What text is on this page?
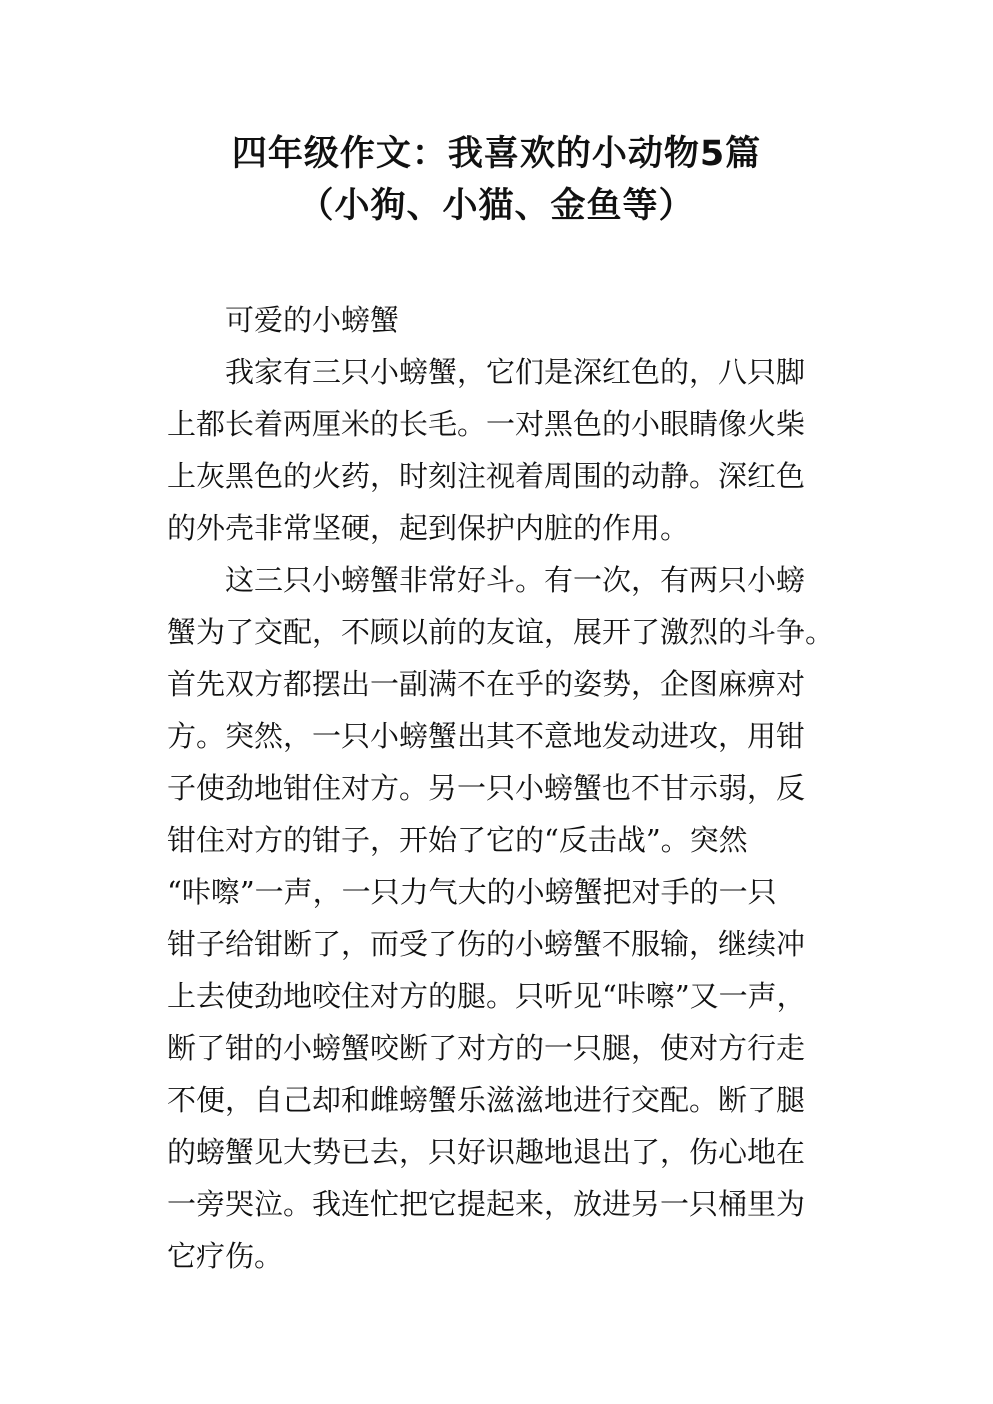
四年级作文：我喜欢的小动物5篇
（小狗、小猫、金鱼等）
可爱的小螃蟹
我家有三只小螃蟹，它们是深红色的，八只脚
上都长着两厘米的长毛。一对黑色的小眼睛像火柴
上灰黑色的火药，时刻注视着周围的动静。深红色
的外壳非常坚硬，起到保护内脏的作用。
这三只小螃蟹非常好斗。有一次，有两只小螃
蟹为了交配，不顾以前的友谊，展开了激烈的斗争。
首先双方都摆出一副满不在乎的姿势，企图麻痹对
方。突然，一只小螃蟹出其不意地发动进攻，用钳
子使劲地钳住对方。另一只小螃蟹也不甘示弱，反
钳住对方的钳子，开始了它的“反击战”。突然
“咔嚓”一声，一只力气大的小螃蟹把对手的一只
钳子给钳断了，而受了伤的小螃蟹不服输，继续冲
上去使劲地咬住对方的腿。只听见“咔嚓”又一声，
断了钳的小螃蟹咬断了对方的一只腿，使对方行走
不便，自己却和雌螃蟹乐滋滋地进行交配。断了腿
的螃蟹见大势已去，只好识趣地退出了，伤心地在
一旁哭泣。我连忙把它提起来，放进另一只桶里为
它疗伤。
